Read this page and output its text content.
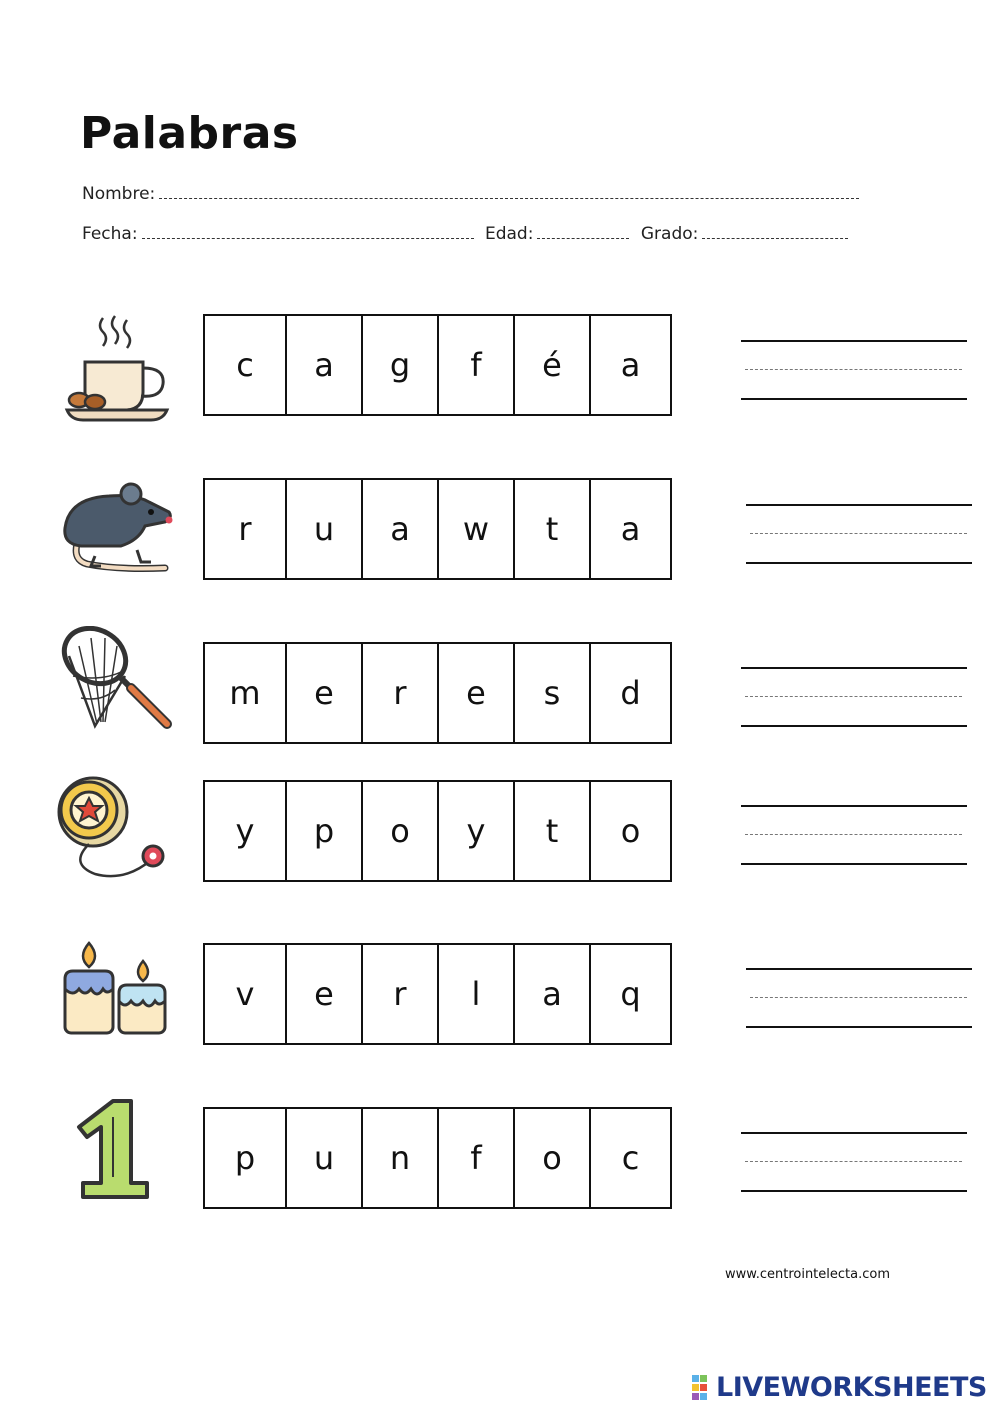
Palabras
Nombre:
Fecha:	Edad:	Grado:
c	a	g	f	é	a
r	u	a	w	t	a
m	e	r	e	s	d
y	p	o	y	t	o
v	e	r	l	a	q
p	u	n	f	o	c
www.centrointelecta.com
LIVEWORKSHEETS
